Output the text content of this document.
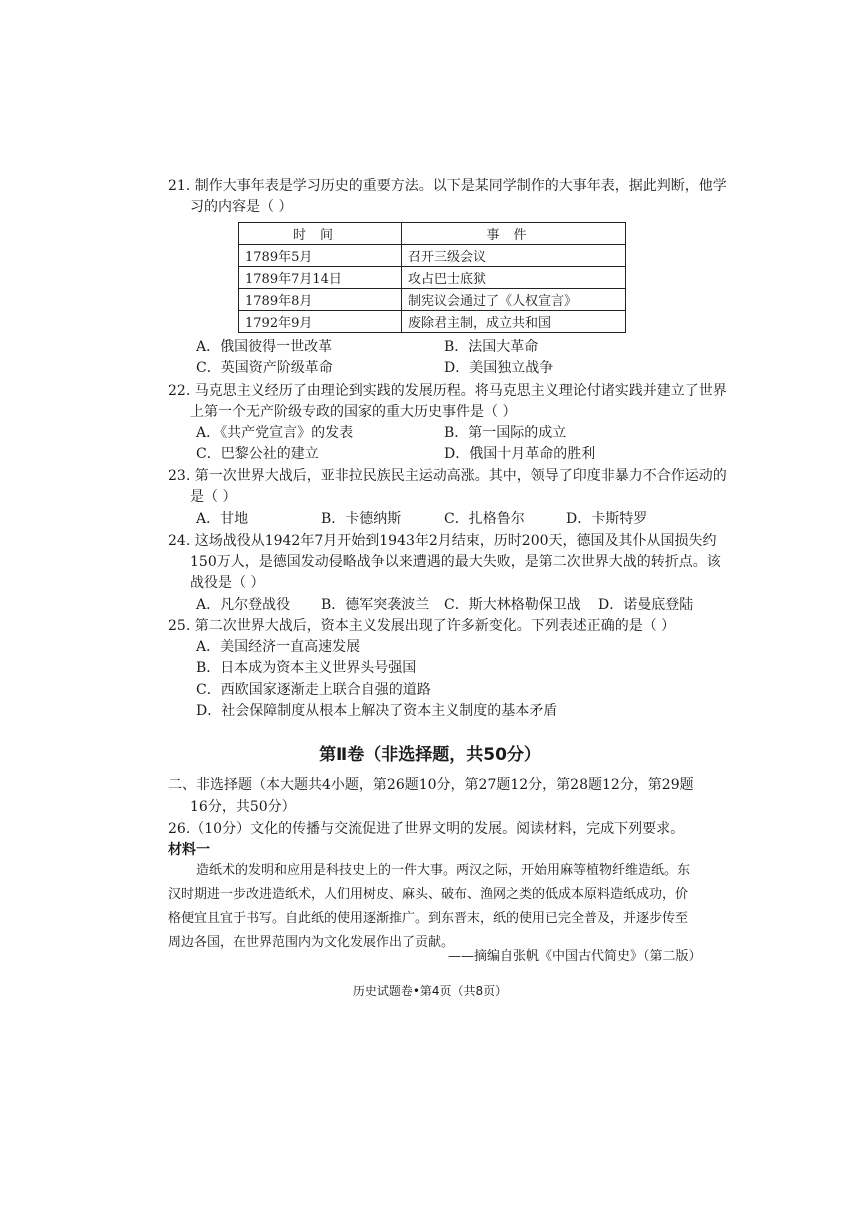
21. 制作大事年表是学习历史的重要方法。以下是某同学制作的大事年表，据此判断，他学
习的内容是（ ）
时间	事件
1789年5月	召开三级会议
1789年7月14日	攻占巴士底狱
1789年8月	制宪议会通过了《人权宣言》
1792年9月	废除君主制，成立共和国
A．俄国彼得一世改革	B．法国大革命
C．英国资产阶级革命	D．美国独立战争
22. 马克思主义经历了由理论到实践的发展历程。将马克思主义理论付诸实践并建立了世界
上第一个无产阶级专政的国家的重大历史事件是（ ）
A．《共产党宣言》的发表	B．第一国际的成立
C．巴黎公社的建立	D．俄国十月革命的胜利
23. 第一次世界大战后，亚非拉民族民主运动高涨。其中，领导了印度非暴力不合作运动的
是（ ）
A．甘地	B．卡德纳斯	C．扎格鲁尔	D．卡斯特罗
24. 这场战役从1942年7月开始到1943年2月结束，历时200天，德国及其仆从国损失约
150万人，是德国发动侵略战争以来遭遇的最大失败，是第二次世界大战的转折点。该
战役是（ ）
A．凡尔登战役 B．德军突袭波兰 C．斯大林格勒保卫战 D．诺曼底登陆
25. 第二次世界大战后，资本主义发展出现了许多新变化。下列表述正确的是（ ）
A．美国经济一直高速发展
B．日本成为资本主义世界头号强国
C．西欧国家逐渐走上联合自强的道路
D．社会保障制度从根本上解决了资本主义制度的基本矛盾
第Ⅱ卷（非选择题，共50分）
二、非选择题（本大题共4小题，第26题10分，第27题12分，第28题12分，第29题
16分，共50分）
26.（10分）文化的传播与交流促进了世界文明的发展。阅读材料，完成下列要求。
材料一
造纸术的发明和应用是科技史上的一件大事。两汉之际，开始用麻等植物纤维造纸。东
汉时期进一步改进造纸术，人们用树皮、麻头、破布、渔网之类的低成本原料造纸成功，价
格便宜且宜于书写。自此纸的使用逐渐推广。到东晋末，纸的使用已完全普及，并逐步传至
周边各国，在世界范围内为文化发展作出了贡献。
——摘编自张帆《中国古代简史》（第二版）
历史试题卷•第4页（共8页）
